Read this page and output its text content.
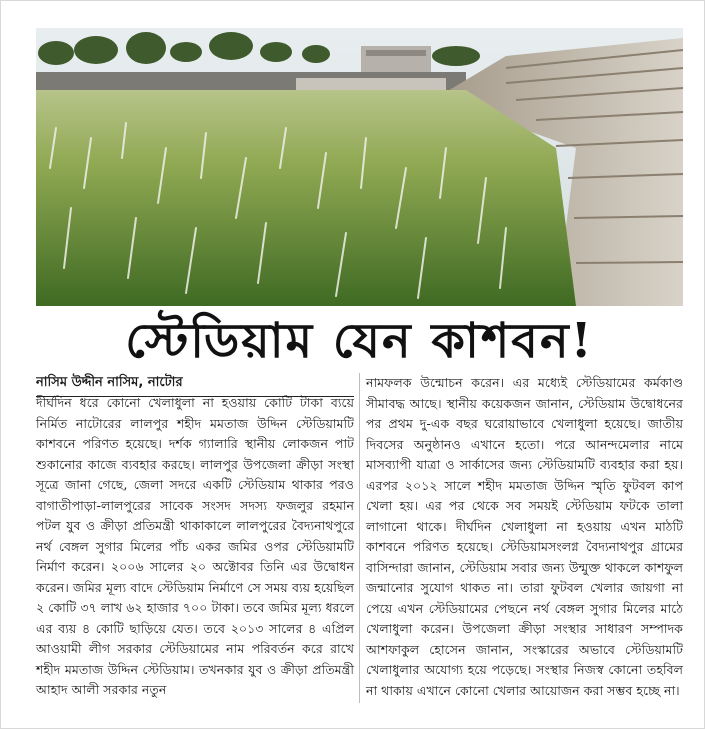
স্টেডিয়াম যেন কাশবন!
নাসিম উদ্দীন নাসিম, নাটোর

দীর্ঘদিন ধরে কোনো খেলাধুলা না হওয়ায় কোটি টাকা ব্যয়ে নির্মিত নাটোরের লালপুর শহীদ মমতাজ উদ্দিন স্টেডিয়ামটি কাশবনে পরিণত হয়েছে। দর্শক গ্যালারি স্থানীয় লোকজন পাট শুকানোর কাজে ব্যবহার করছে। লালপুর উপজেলা ক্রীড়া সংস্থা সূত্রে জানা গেছে, জেলা সদরে একটি স্টেডিয়াম থাকার পরও বাগাতীপাড়া-লালপুরের সাবেক সংসদ সদস্য ফজলুর রহমান পটল যুব ও ক্রীড়া প্রতিমন্ত্রী থাকাকালে লালপুরের বৈদ্যনাথপুরে নর্থ বেঙ্গল সুগার মিলের পাঁচ একর জমির ওপর স্টেডিয়ামটি নির্মাণ করেন। ২০০৬ সালের ২০ অক্টোবর তিনি এর উদ্বোধন করেন। জমির মূল্য বাদে স্টেডিয়াম নির্মাণে সে সময় ব্যয় হয়েছিল ২ কোটি ৩৭ লাখ ৬২ হাজার ৭০০ টাকা। তবে জমির মূল্য ধরলে এর ব্যয় ৪ কোটি ছাড়িয়ে যেত। তবে ২০১৩ সালের ৪ এপ্রিল আওয়ামী লীগ সরকার স্টেডিয়ামের নাম পরিবর্তন করে রাখে শহীদ মমতাজ উদ্দিন স্টেডিয়াম। তখনকার যুব ও ক্রীড়া প্রতিমন্ত্রী আহাদ আলী সরকার নতুন

নামফলক উন্মোচন করেন। এর মধ্যেই স্টেডিয়ামের কর্মকাণ্ড সীমাবদ্ধ আছে। স্থানীয় কয়েকজন জানান, স্টেডিয়াম উদ্বোধনের পর প্রথম দু-এক বছর ঘরোয়াভাবে খেলাধুলা হয়েছে। জাতীয় দিবসের অনুষ্ঠানও এখানে হতো। পরে আনন্দমেলার নামে মাসব্যাপী যাত্রা ও সার্কাসের জন্য স্টেডিয়ামটি ব্যবহার করা হয়। এরপর ২০১২ সালে শহীদ মমতাজ উদ্দিন স্মৃতি ফুটবল কাপ খেলা হয়। এর পর থেকে সব সময়ই স্টেডিয়াম ফটকে তালা লাগানো থাকে। দীর্ঘদিন খেলাধুলা না হওয়ায় এখন মাঠটি কাশবনে পরিণত হয়েছে। স্টেডিয়ামসংলগ্ন বৈদ্যনাথপুর গ্রামের বাসিন্দারা জানান, স্টেডিয়াম সবার জন্য উন্মুক্ত থাকলে কাশফুল জন্মানোর সুযোগ থাকত না। তারা ফুটবল খেলার জায়গা না পেয়ে এখন স্টেডিয়ামের পেছনে নর্থ বেঙ্গল সুগার মিলের মাঠে খেলাধুলা করেন। উপজেলা ক্রীড়া সংস্থার সাধারণ সম্পাদক আশফাকুল হোসেন জানান, সংস্কারের অভাবে স্টেডিয়ামটি খেলাধুলার অযোগ্য হয়ে পড়েছে। সংস্থার নিজস্ব কোনো তহবিল না থাকায় এখানে কোনো খেলার আয়োজন করা সম্ভব হচ্ছে না।
